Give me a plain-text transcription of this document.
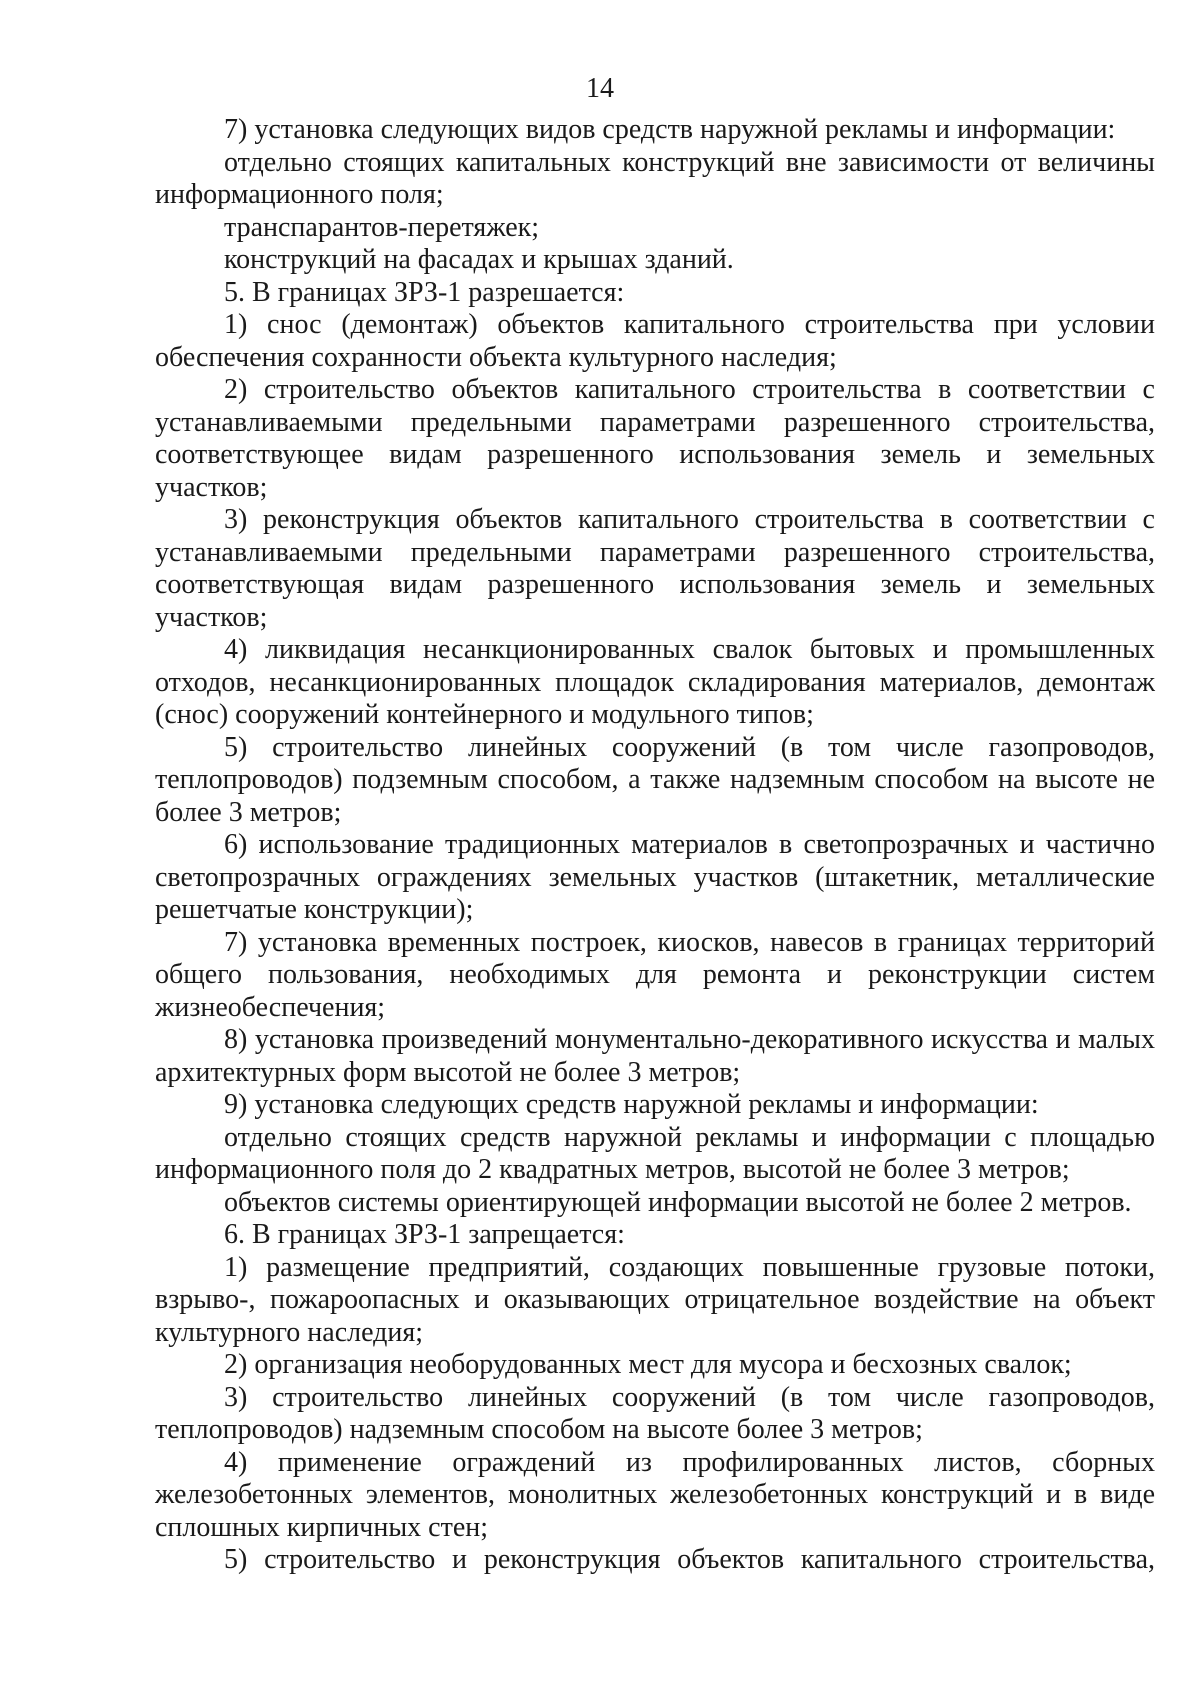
14

7) установка следующих видов средств наружной рекламы и информации:

отдельно стоящих капитальных конструкций вне зависимости от величины информационного поля;

транспарантов-перетяжек;

конструкций на фасадах и крышах зданий.

5. В границах ЗРЗ-1 разрешается:

1) снос (демонтаж) объектов капитального строительства при условии обеспечения сохранности объекта культурного наследия;

2) строительство объектов капитального строительства в соответствии с устанавливаемыми предельными параметрами разрешенного строительства, соответствующее видам разрешенного использования земель и земельных участков;

3) реконструкция объектов капитального строительства в соответствии с устанавливаемыми предельными параметрами разрешенного строительства, соответствующая видам разрешенного использования земель и земельных участков;

4) ликвидация несанкционированных свалок бытовых и промышленных отходов, несанкционированных площадок складирования материалов, демонтаж (снос) сооружений контейнерного и модульного типов;

5) строительство линейных сооружений (в том числе газопроводов, теплопроводов) подземным способом, а также надземным способом на высоте не более 3 метров;

6) использование традиционных материалов в светопрозрачных и частично светопрозрачных ограждениях земельных участков (штакетник, металлические решетчатые конструкции);

7) установка временных построек, киосков, навесов в границах территорий общего пользования, необходимых для ремонта и реконструкции систем жизнеобеспечения;

8) установка произведений монументально-декоративного искусства и малых архитектурных форм высотой не более 3 метров;

9) установка следующих средств наружной рекламы и информации:

отдельно стоящих средств наружной рекламы и информации с площадью информационного поля до 2 квадратных метров, высотой не более 3 метров;

объектов системы ориентирующей информации высотой не более 2 метров.

6. В границах ЗРЗ-1 запрещается:

1) размещение предприятий, создающих повышенные грузовые потоки, взрыво-, пожароопасных и оказывающих отрицательное воздействие на объект культурного наследия;

2) организация необорудованных мест для мусора и бесхозных свалок;

3) строительство линейных сооружений (в том числе газопроводов, теплопроводов) надземным способом на высоте более 3 метров;

4) применение ограждений из профилированных листов, сборных железобетонных элементов, монолитных железобетонных конструкций и в виде сплошных кирпичных стен;

5) строительство и реконструкция объектов капитального строительства,
